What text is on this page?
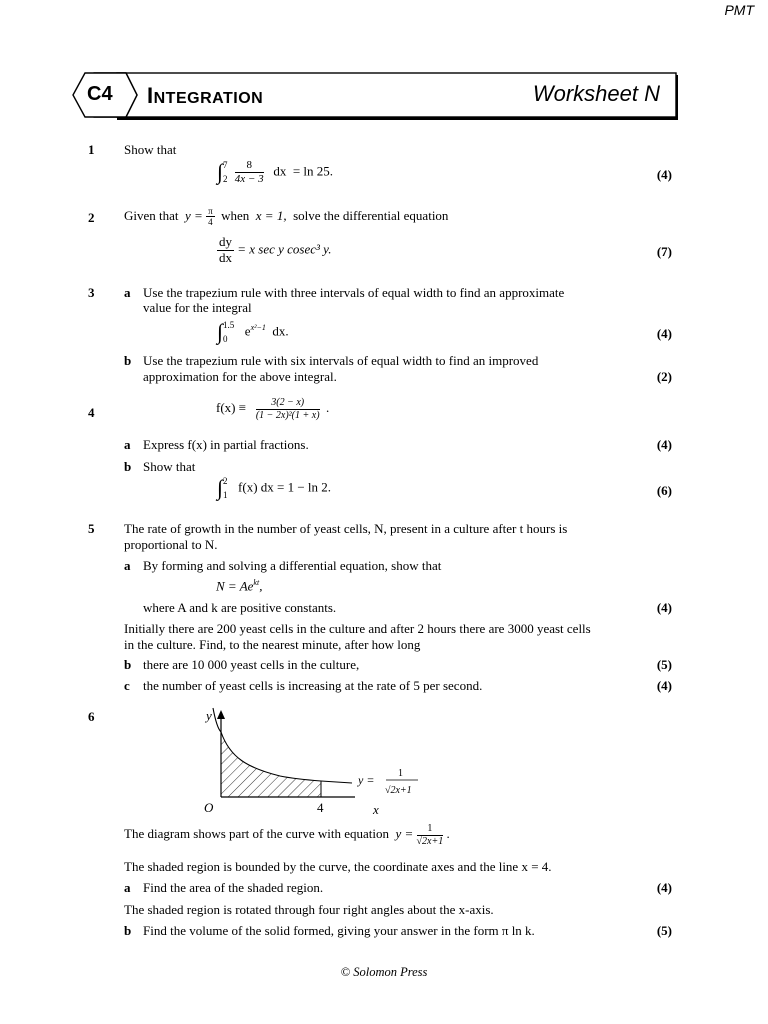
PMT
C4 INTEGRATION	Worksheet N
1 Show that
∫ 7
2
$\frac{8}{4x - 3}$ dx = ln 25.	(4)
2 Given that $y = \frac{\pi}{4}$ when x = 1, solve the differential equation
$\frac{dy}{dx} = x$ sec y cosec³ y.	(7)
3 a Use the trapezium rule with three intervals of equal width to find an approximate
value for the integral
∫ 1.5
0
$e^{x^2-1}$ dx.	(4)
b Use the trapezium rule with six intervals of equal width to find an improved
approximation for the above integral.	(2)
4	$f(x) \equiv \frac{3(2 - x)}{\text{(1 − 2x)²(1 + x)}}$ .
a Express f(x) in partial fractions.	(4)
b Show that
∫ 2
1
f(x) dx = 1 − ln 2.	(6)
5 The rate of growth in the number of yeast cells, N, present in a culture after t hours is
proportional to N.
a By forming and solving a differential equation, show that
$N = Ae^{kt}$,
where A and k are positive constants.	(4)
Initially there are 200 yeast cells in the culture and after 2 hours there are 3000 yeast cells
in the culture. Find, to the nearest minute, after how long
b there are 10 000 yeast cells in the culture,	(5)
c the number of yeast cells is increasing at the rate of 5 per second.	(4)
6	y
O	4	x
y = 1
√2x+1
The diagram shows part of the curve with equation $y = \frac{1}{√2x+1}$ .
The shaded region is bounded by the curve, the coordinate axes and the line x = 4.
a Find the area of the shaded region.	(4)
The shaded region is rotated through four right angles about the x-axis.
b Find the volume of the solid formed, giving your answer in the form π ln k.	(5)
© Solomon Press
